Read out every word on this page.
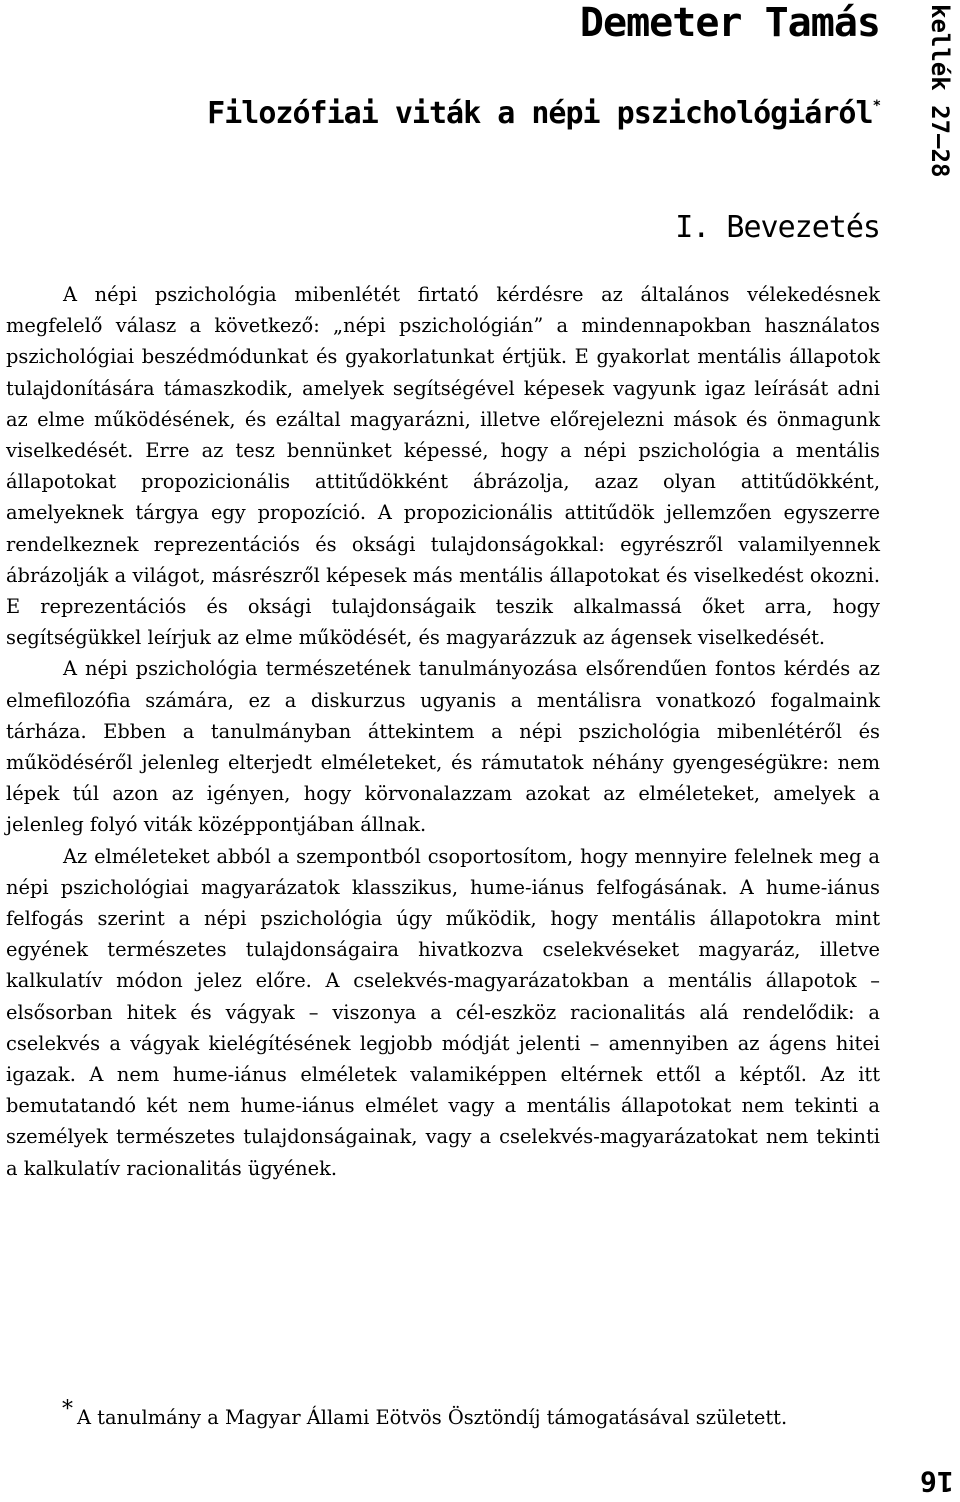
Demeter Tamás
Filozófiai viták a népi pszichológiáról*
I. Bevezetés
kellék 27–28

A népi pszichológia mibenlétét firtató kérdésre az általános vélekedésnek megfelelő válasz a következő: „népi pszichológián” a mindennapokban használatos pszichológiai beszédmódunkat és gyakorlatunkat értjük. E gyakorlat mentális állapotok tulajdonítására támaszkodik, amelyek segítségével képesek vagyunk igaz leírását adni az elme működésének, és ezáltal magyarázni, illetve előrejelezni mások és önmagunk viselkedését. Erre az tesz bennünket képessé, hogy a népi pszichológia a mentális állapotokat propozicionális attitűdökként ábrázolja, azaz olyan attitűdökként, amelyeknek tárgya egy propozíció. A propozicionális attitűdök jellemzően egyszerre rendelkeznek reprezentációs és oksági tulajdonságokkal: egyrészről valamilyennek ábrázolják a világot, másrészről képesek más mentális állapotokat és viselkedést okozni. E reprezentációs és oksági tulajdonságaik teszik alkalmassá őket arra, hogy segítségükkel leírjuk az elme működését, és magyarázzuk az ágensek viselkedését.

A népi pszichológia természetének tanulmányozása elsőrendűen fontos kérdés az elmefilozófia számára, ez a diskurzus ugyanis a mentálisra vonatkozó fogalmaink tárháza. Ebben a tanulmányban áttekintem a népi pszichológia mibenlétéről és működéséről jelenleg elterjedt elméleteket, és rámutatok néhány gyengeségükre: nem lépek túl azon az igényen, hogy körvonalazzam azokat az elméleteket, amelyek a jelenleg folyó viták középpontjában állnak.

Az elméleteket abból a szempontból csoportosítom, hogy mennyire felelnek meg a népi pszichológiai magyarázatok klasszikus, hume-iánus felfogásának. A hume-iánus felfogás szerint a népi pszichológia úgy működik, hogy mentális állapotokra mint egyének természetes tulajdonságaira hivatkozva cselekvéseket magyaráz, illetve kalkulatív módon jelez előre. A cselekvés-magyarázatokban a mentális állapotok – elsősorban hitek és vágyak – viszonya a cél-eszköz racionalitás alá rendelődik: a cselekvés a vágyak kielégítésének legjobb módját jelenti – amennyiben az ágens hitei igazak. A nem hume-iánus elméletek valamiképpen eltérnek ettől a képtől. Az itt bemutatandó két nem hume-iánus elmélet vagy a mentális állapotokat nem tekinti a személyek természetes tulajdonságainak, vagy a cselekvés-magyarázatokat nem tekinti a kalkulatív racionalitás ügyének.

* A tanulmány a Magyar Állami Eötvös Ösztöndíj támogatásával született.
16
